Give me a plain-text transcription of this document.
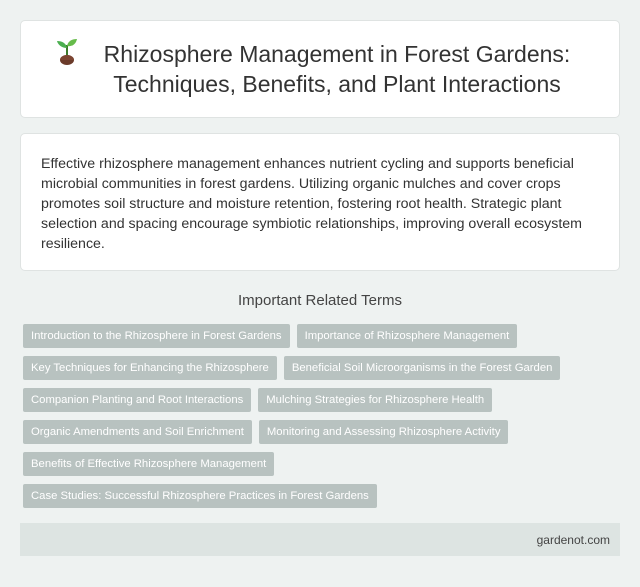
Rhizosphere Management in Forest Gardens: Techniques, Benefits, and Plant Interactions

Effective rhizosphere management enhances nutrient cycling and supports beneficial microbial communities in forest gardens. Utilizing organic mulches and cover crops promotes soil structure and moisture retention, fostering root health. Strategic plant selection and spacing encourage symbiotic relationships, improving overall ecosystem resilience.

Important Related Terms
Introduction to the Rhizosphere in Forest Gardens	Importance of Rhizosphere Management
Key Techniques for Enhancing the Rhizosphere	Beneficial Soil Microorganisms in the Forest Garden
Companion Planting and Root Interactions	Mulching Strategies for Rhizosphere Health
Organic Amendments and Soil Enrichment	Monitoring and Assessing Rhizosphere Activity
Benefits of Effective Rhizosphere Management
Case Studies: Successful Rhizosphere Practices in Forest Gardens
gardenot.com
